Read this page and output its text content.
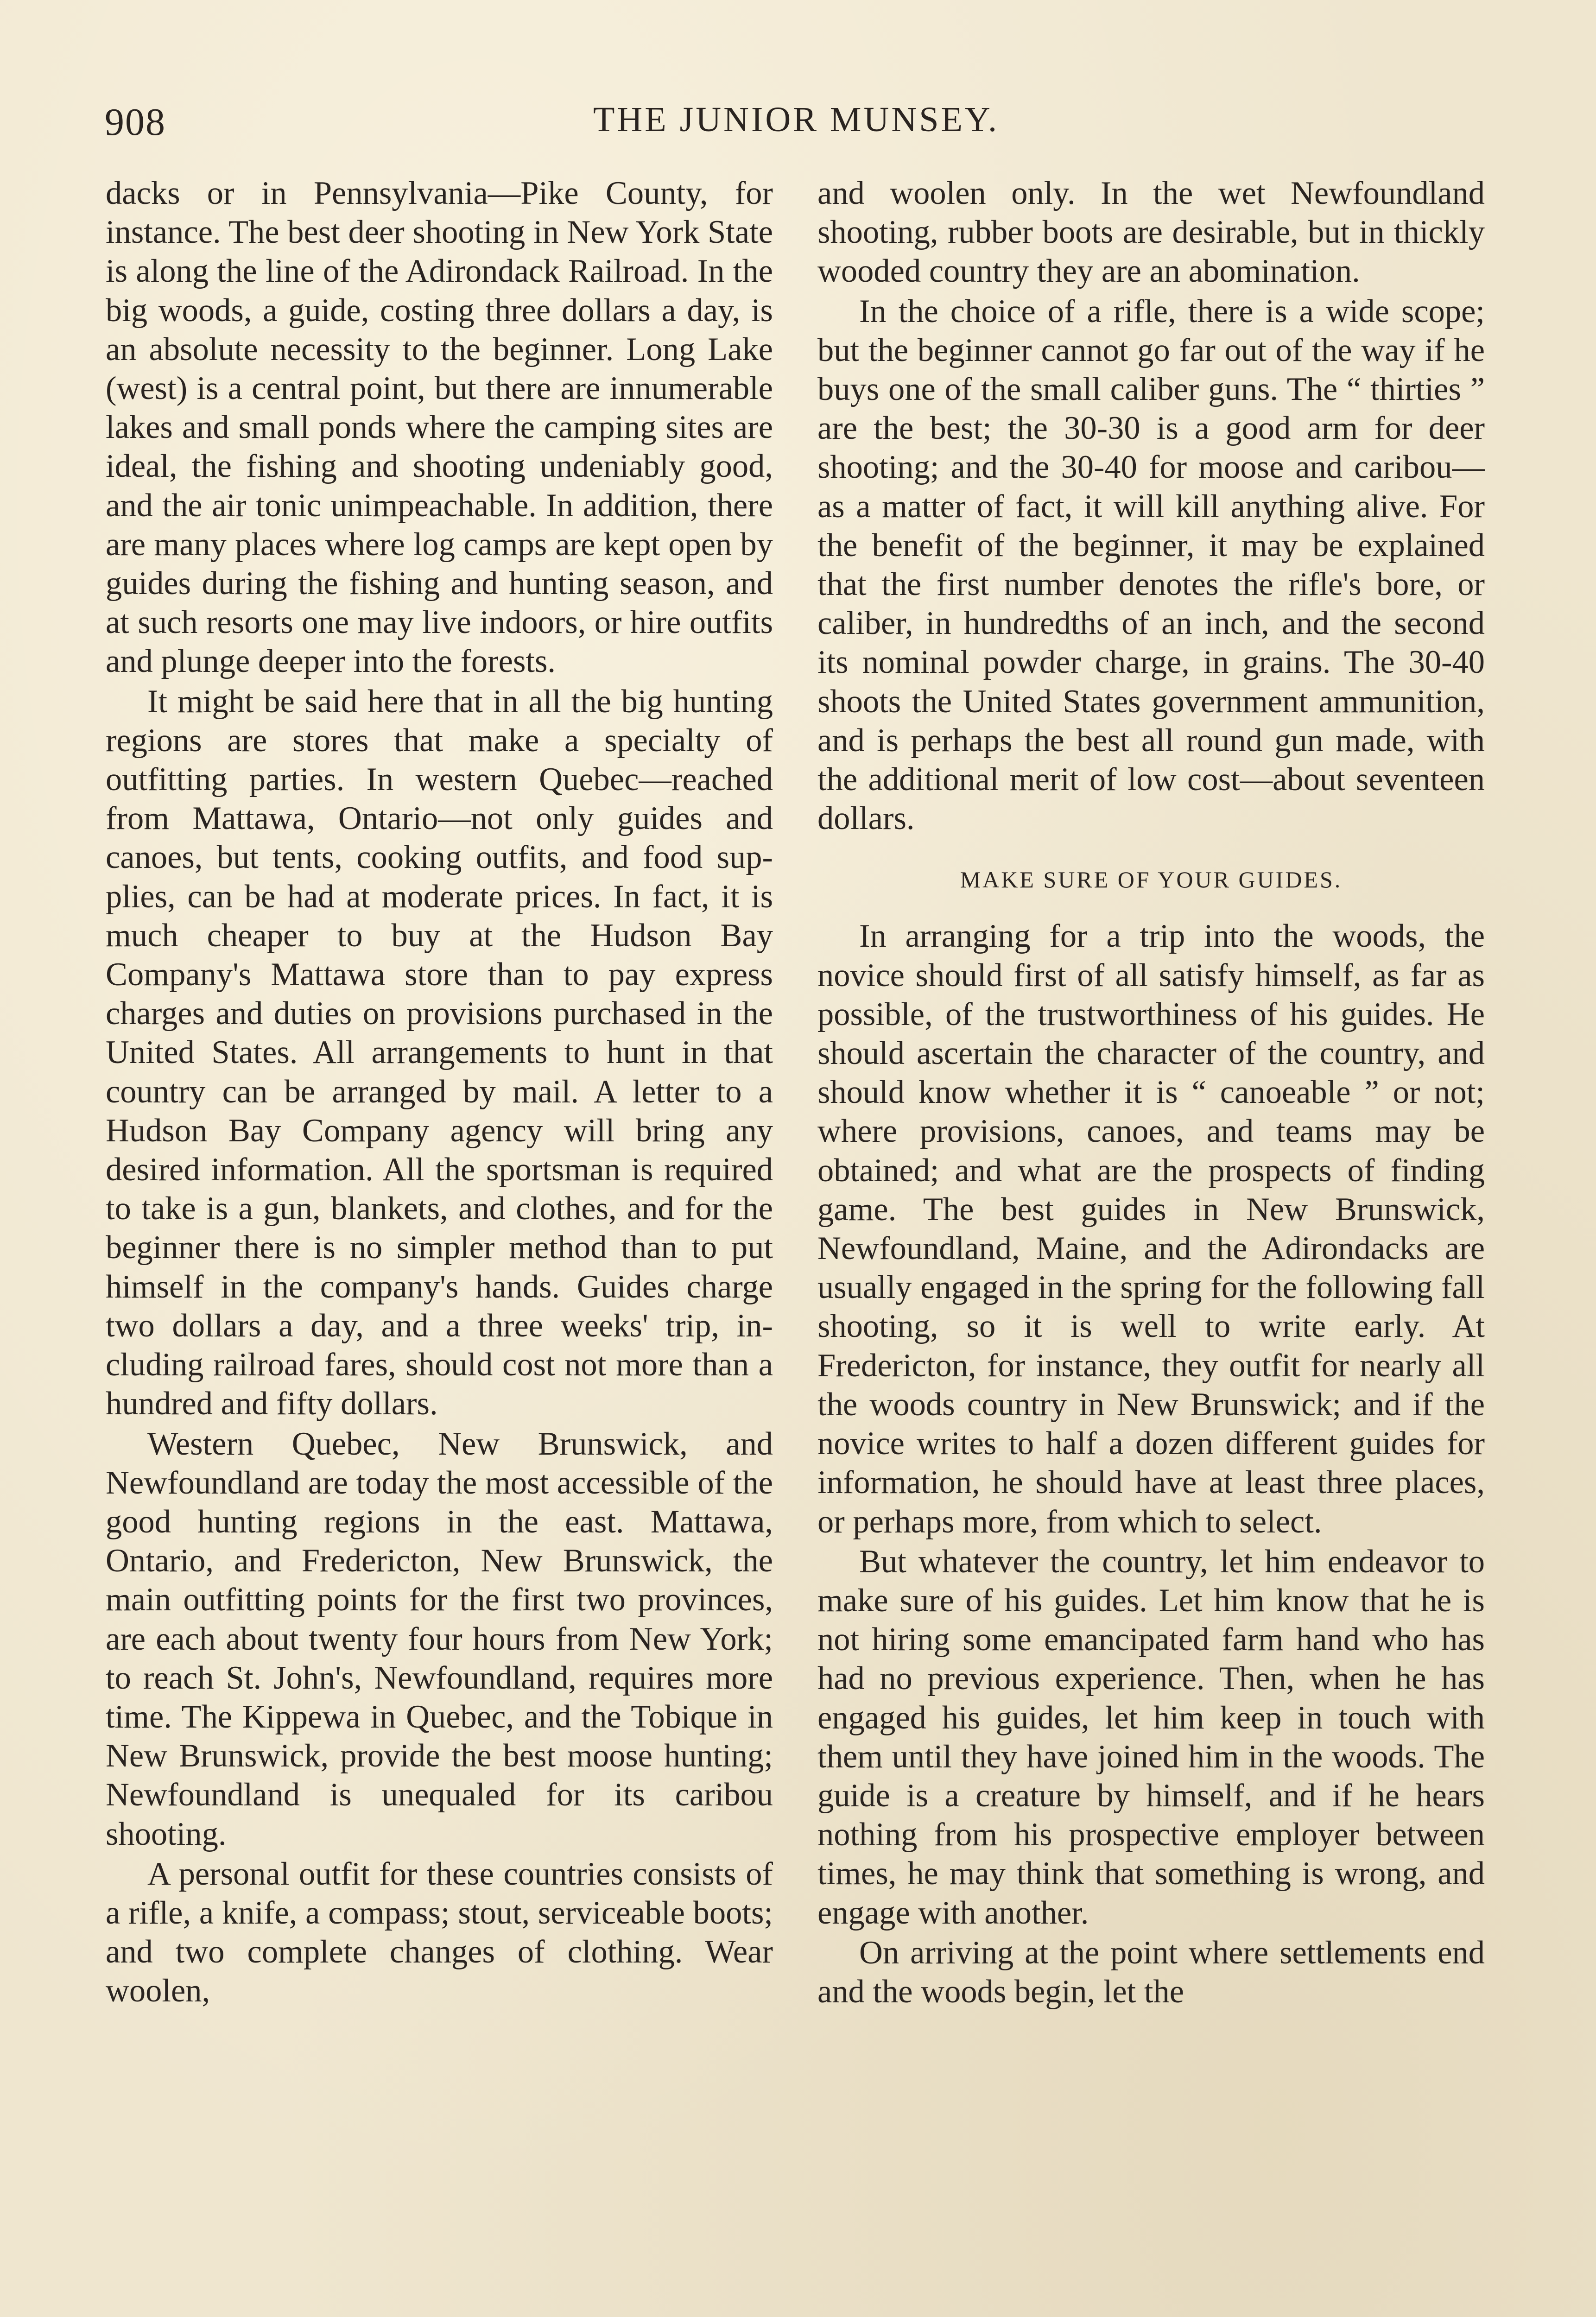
908	THE JUNIOR MUNSEY.

dacks or in Pennsylvania—Pike County, for instance. The best deer shooting in New York State is along the line of the Adirondack Railroad. In the big woods, a guide, costing three dollars a day, is an absolute necessity to the beginner. Long Lake (west) is a central point, but there are innumerable lakes and small ponds where the camping sites are ideal, the fishing and shooting undeniably good, and the air tonic unimpeachable. In addition, there are many places where log camps are kept open by guides during the fishing and hunting season, and at such resorts one may live indoors, or hire outfits and plunge deeper into the forests.

It might be said here that in all the big hunting regions are stores that make a specialty of outfitting parties. In western Quebec—reached from Mattawa, Ontario—not only guides and canoes, but tents, cooking outfits, and food supplies, can be had at moderate prices. In fact, it is much cheaper to buy at the Hudson Bay Company's Mattawa store than to pay express charges and duties on provisions purchased in the United States. All arrangements to hunt in that country can be arranged by mail. A letter to a Hudson Bay Company agency will bring any desired information. All the sportsman is required to take is a gun, blankets, and clothes, and for the beginner there is no simpler method than to put himself in the company's hands. Guides charge two dollars a day, and a three weeks' trip, including railroad fares, should cost not more than a hundred and fifty dollars.

Western Quebec, New Brunswick, and Newfoundland are today the most accessible of the good hunting regions in the east. Mattawa, Ontario, and Fredericton, New Brunswick, the main outfitting points for the first two provinces, are each about twenty four hours from New York; to reach St. John's, Newfoundland, requires more time. The Kippewa in Quebec, and the Tobique in New Brunswick, provide the best moose hunting; Newfoundland is unequaled for its caribou shooting.

A personal outfit for these countries consists of a rifle, a knife, a compass; stout, serviceable boots; and two complete changes of clothing. Wear woolen,

and woolen only. In the wet Newfoundland shooting, rubber boots are desirable, but in thickly wooded country they are an abomination.

In the choice of a rifle, there is a wide scope; but the beginner cannot go far out of the way if he buys one of the small caliber guns. The “ thirties ” are the best; the 30-30 is a good arm for deer shooting; and the 30-40 for moose and caribou—as a matter of fact, it will kill anything alive. For the benefit of the beginner, it may be explained that the first number denotes the rifle's bore, or caliber, in hundredths of an inch, and the second its nominal powder charge, in grains. The 30-40 shoots the United States government ammunition, and is perhaps the best all round gun made, with the additional merit of low cost—about seventeen dollars.

MAKE SURE OF YOUR GUIDES.

In arranging for a trip into the woods, the novice should first of all satisfy himself, as far as possible, of the trustworthiness of his guides. He should ascertain the character of the country, and should know whether it is “ canoeable ” or not; where provisions, canoes, and teams may be obtained; and what are the prospects of finding game. The best guides in New Brunswick, Newfoundland, Maine, and the Adirondacks are usually engaged in the spring for the following fall shooting, so it is well to write early. At Fredericton, for instance, they outfit for nearly all the woods country in New Brunswick; and if the novice writes to half a dozen different guides for information, he should have at least three places, or perhaps more, from which to select.

But whatever the country, let him endeavor to make sure of his guides. Let him know that he is not hiring some emancipated farm hand who has had no previous experience. Then, when he has engaged his guides, let him keep in touch with them until they have joined him in the woods. The guide is a creature by himself, and if he hears nothing from his prospective employer between times, he may think that something is wrong, and engage with another.

On arriving at the point where settlements end and the woods begin, let the
